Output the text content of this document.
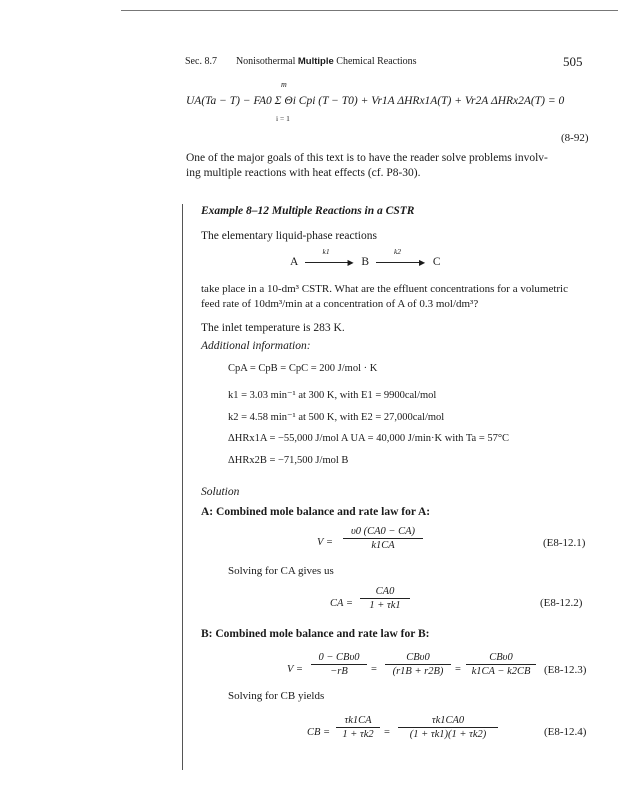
Sec. 8.7 Nonisothermal Multiple Chemical Reactions	505
m
UA(Ta − T) − FA0 Σ Θi Cpi (T − T0) + Vr1A ΔHRx1A(T) + Vr2A ΔHRx2A(T) = 0
i = 1
(8-92)
One of the major goals of this text is to have the reader solve problems involv-
ing multiple reactions with heat effects (cf. P8-30).
Example 8–12 Multiple Reactions in a CSTR
The elementary liquid-phase reactions
A
k1
▶ B
k2
▶ C
take place in a 10-dm³ CSTR. What are the effluent concentrations for a volumetric
feed rate of 10dm³/min at a concentration of A of 0.3 mol/dm³?
The inlet temperature is 283 K.
Additional information:
CpA = CpB = CpC = 200 J/mol · K
k1 = 3.03 min⁻¹ at 300 K, with E1 = 9900cal/mol
k2 = 4.58 min⁻¹ at 500 K, with E2 = 27,000cal/mol
ΔHRx1A = −55,000 J/mol A UA = 40,000 J/min·K with Ta = 57°C
ΔHRx2B = −71,500 J/mol B
Solution
A: Combined mole balance and rate law for A:
V =
υ0 (CA0 − CA)
k1CA	(E8-12.1)
Solving for CA gives us
CA =
CA0
1 + τk1	(E8-12.2)
B: Combined mole balance and rate law for B:
V =
0 − CBυ0
−rB	=
CBυ0
(r1B + r2B)	=
CBυ0
k1CA − k2CB	(E8-12.3)
Solving for CB yields
CB =
τk1CA
1 + τk2 =
τk1CA0
(1 + τk1)(1 + τk2)	(E8-12.4)
